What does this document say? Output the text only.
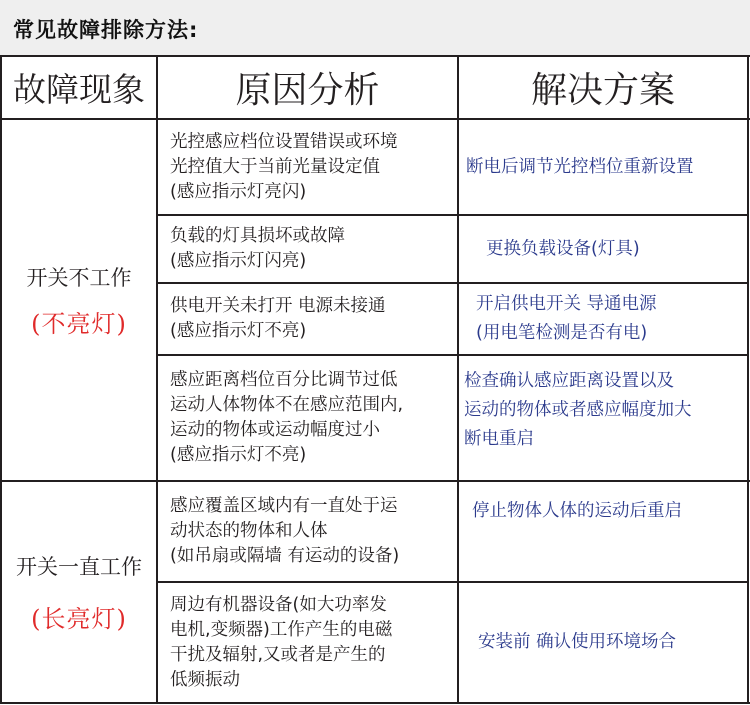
常见故障排除方法:
故障现象	原因分析	解决方案
开关不工作
(不亮灯)
光控感应档位设置错误或环境
光控值大于当前光量设定值
(感应指示灯亮闪)
负载的灯具损坏或故障
(感应指示灯闪亮)
供电开关未打开 电源未接通
(感应指示灯不亮)
感应距离档位百分比调节过低
运动人体物体不在感应范围内,
运动的物体或运动幅度过小
(感应指示灯不亮)
断电后调节光控档位重新设置
更换负载设备(灯具)
开启供电开关 导通电源
(用电笔检测是否有电)
检查确认感应距离设置以及
运动的物体或者感应幅度加大
断电重启
开关一直工作
(长亮灯)
感应覆盖区域内有一直处于运
动状态的物体和人体
(如吊扇或隔墙 有运动的设备)
周边有机器设备(如大功率发
电机,变频器)工作产生的电磁
干扰及辐射,又或者是产生的
低频振动
停止物体人体的运动后重启
安装前 确认使用环境场合
